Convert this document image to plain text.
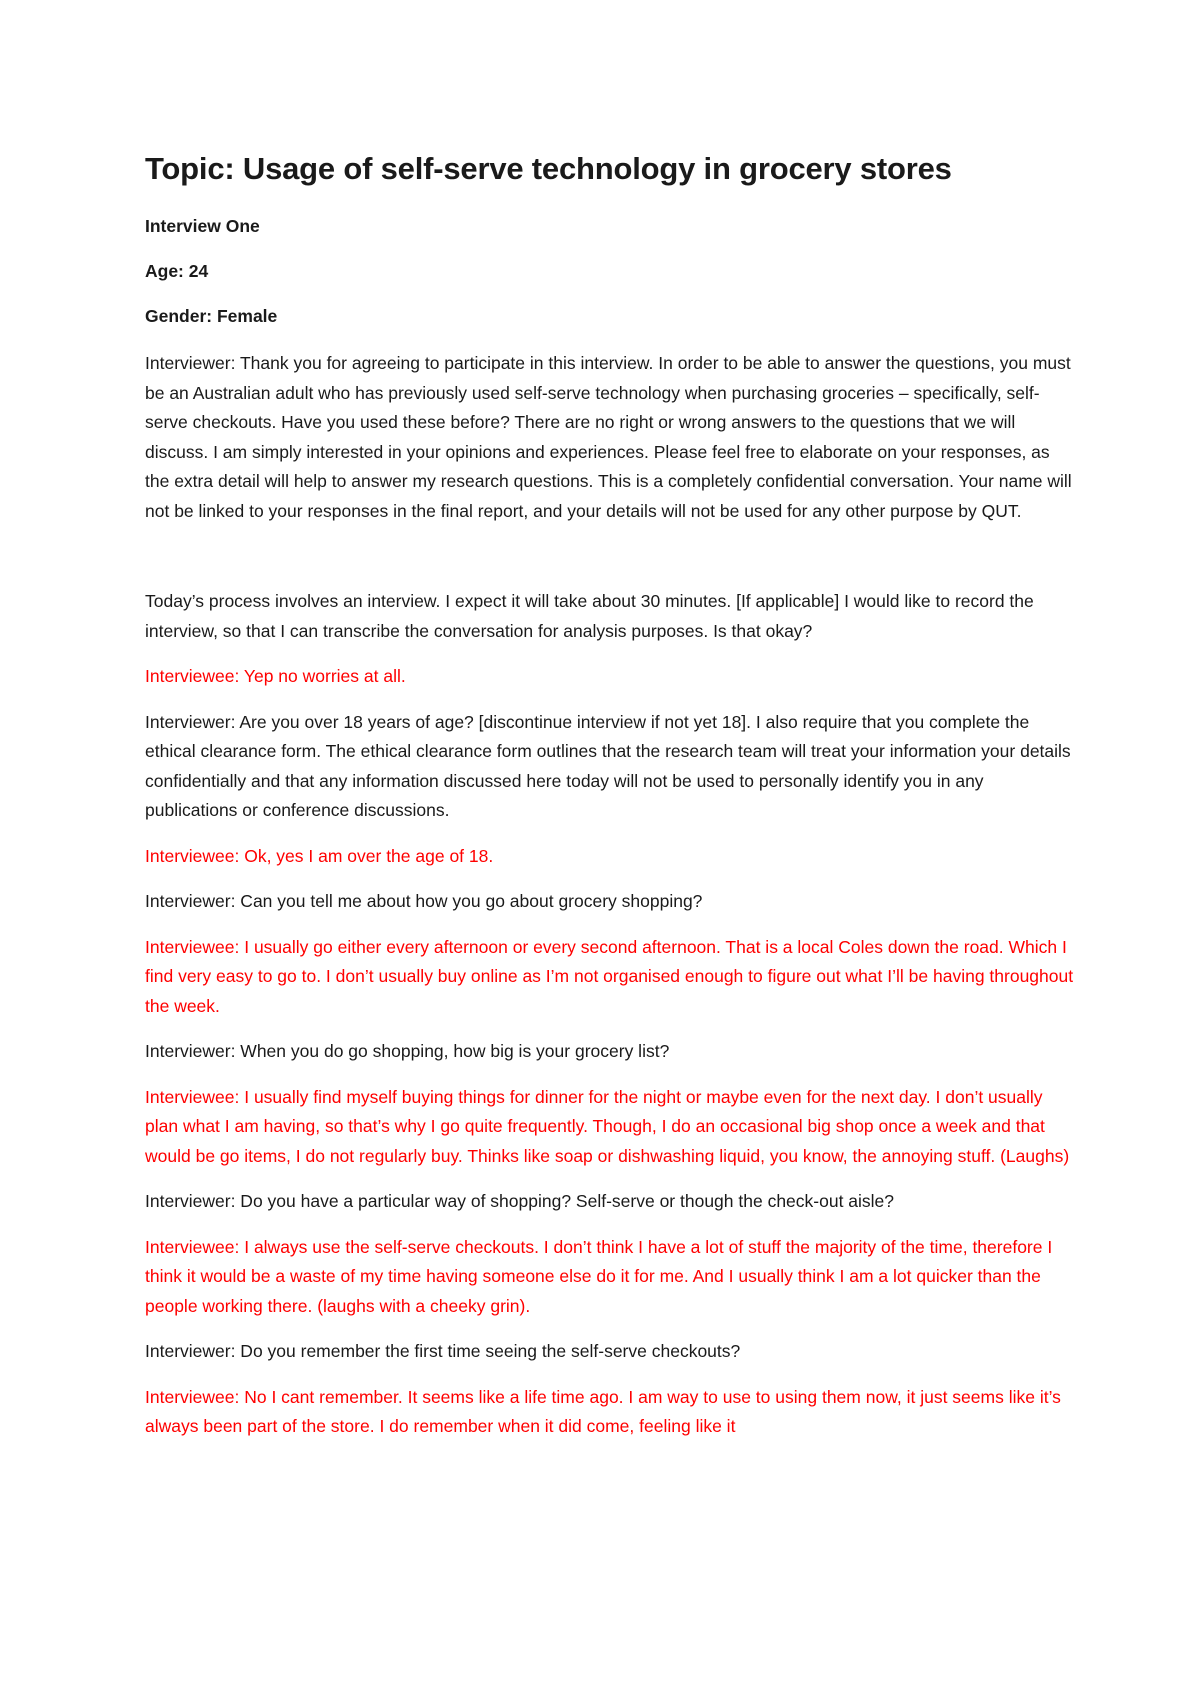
Topic: Usage of self-serve technology in grocery stores

Interview One

Age: 24

Gender: Female

Interviewer: Thank you for agreeing to participate in this interview. In order to be able to answer the questions, you must be an Australian adult who has previously used self-serve technology when purchasing groceries – specifically, self-serve checkouts. Have you used these before? There are no right or wrong answers to the questions that we will discuss. I am simply interested in your opinions and experiences. Please feel free to elaborate on your responses, as the extra detail will help to answer my research questions. This is a completely confidential conversation. Your name will not be linked to your responses in the final report, and your details will not be used for any other purpose by QUT.

Today’s process involves an interview. I expect it will take about 30 minutes. [If applicable] I would like to record the interview, so that I can transcribe the conversation for analysis purposes. Is that okay?

Interviewee: Yep no worries at all.

Interviewer: Are you over 18 years of age? [discontinue interview if not yet 18]. I also require that you complete the ethical clearance form. The ethical clearance form outlines that the research team will treat your information your details confidentially and that any information discussed here today will not be used to personally identify you in any publications or conference discussions.

Interviewee: Ok, yes I am over the age of 18.

Interviewer: Can you tell me about how you go about grocery shopping?

Interviewee: I usually go either every afternoon or every second afternoon. That is a local Coles down the road. Which I find very easy to go to. I don’t usually buy online as I’m not organised enough to figure out what I’ll be having throughout the week.

Interviewer: When you do go shopping, how big is your grocery list?

Interviewee: I usually find myself buying things for dinner for the night or maybe even for the next day. I don’t usually plan what I am having, so that’s why I go quite frequently. Though, I do an occasional big shop once a week and that would be go items, I do not regularly buy. Thinks like soap or dishwashing liquid, you know, the annoying stuff. (Laughs)

Interviewer: Do you have a particular way of shopping? Self-serve or though the check-out aisle?

Interviewee: I always use the self-serve checkouts. I don’t think I have a lot of stuff the majority of the time, therefore I think it would be a waste of my time having someone else do it for me. And I usually think I am a lot quicker than the people working there. (laughs with a cheeky grin).

Interviewer: Do you remember the first time seeing the self-serve checkouts?

Interviewee: No I cant remember. It seems like a life time ago. I am way to use to using them now, it just seems like it’s always been part of the store. I do remember when it did come, feeling like it
